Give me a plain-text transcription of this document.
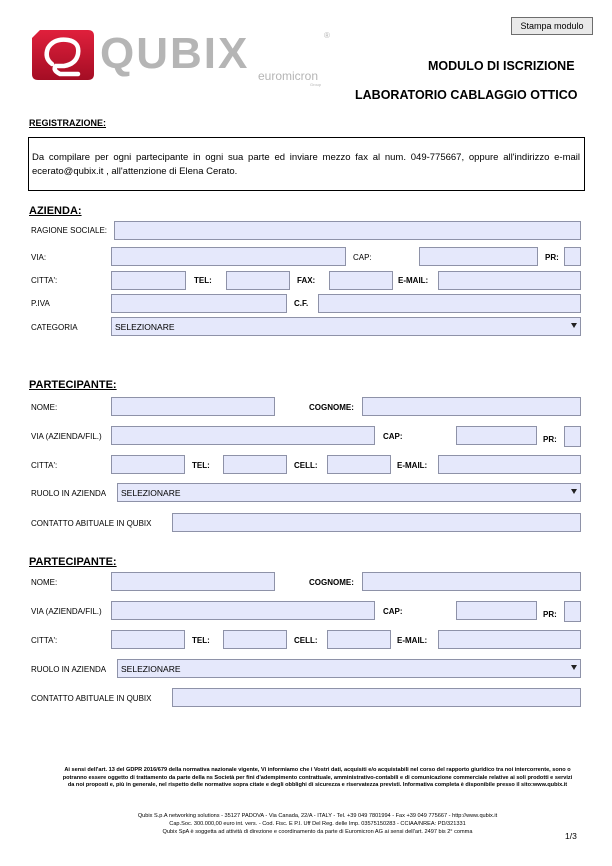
Stampa modulo
QUBIX	®
euromicron
Group
MODULO DI ISCRIZIONE
LABORATORIO CABLAGGIO OTTICO
REGISTRAZIONE:
Da compilare per ogni partecipante in ogni sua parte ed inviare mezzo fax al num. 049-775667, oppure all'indirizzo e-mail ecerato@qubix.it , all'attenzione di Elena Cerato.
AZIENDA:
RAGIONE SOCIALE:
VIA:	CAP:	PR:
CITTA':	TEL:	FAX:	E-MAIL:
P.IVA	C.F.
CATEGORIA	SELEZIONARE
PARTECIPANTE:
NOME:	COGNOME:
VIA (AZIENDA/FIL.)	CAP:	PR:
CITTA':	TEL:	CELL:	E-MAIL:
RUOLO IN AZIENDA SELEZIONARE
CONTATTO ABITUALE IN QUBIX
PARTECIPANTE:
NOME:	COGNOME:
VIA (AZIENDA/FIL.)	CAP:	PR:
CITTA':	TEL:	CELL:	E-MAIL:
RUOLO IN AZIENDA SELEZIONARE
CONTATTO ABITUALE IN QUBIX
Ai sensi dell'art. 13 del GDPR 2016/679 della normativa nazionale vigente, Vi informiamo che i Vostri dati, acquisiti e/o acquistabili nel corso del rapporto giuridico tra noi intercorrente, sono o potranno essere oggetto di trattamento da parte della ns Società per fini d'adempimento contrattuale, amministrativo-contabili e di comunicazione commerciale relative ai soli prodotti e servizi da noi proposti e, più in generale, nel rispetto delle normative sopra citate e degli obblighi di sicurezza e riservatezza previsti. Informativa completa è disponibile presso il sito:www.qubix.it
Qubix S.p.A networking solutions - 35127 PADOVA - Via Canada, 22/A - ITALY - Tel. +39 049 7801994 - Fax +39 049 775667 - http://www.qubix.it
Cap.Soc. 300.000,00 euro int. vers. - Cod. Fisc. E P.I. Uff Del Reg. delle Imp. 03575150283 - CCIAA/NREA: PD/321331
Qubix SpA è soggetta ad attività di direzione e coordinamento da parte di Euromicron AG ai sensi dell'art. 2497 bis 2° comma	1/3
